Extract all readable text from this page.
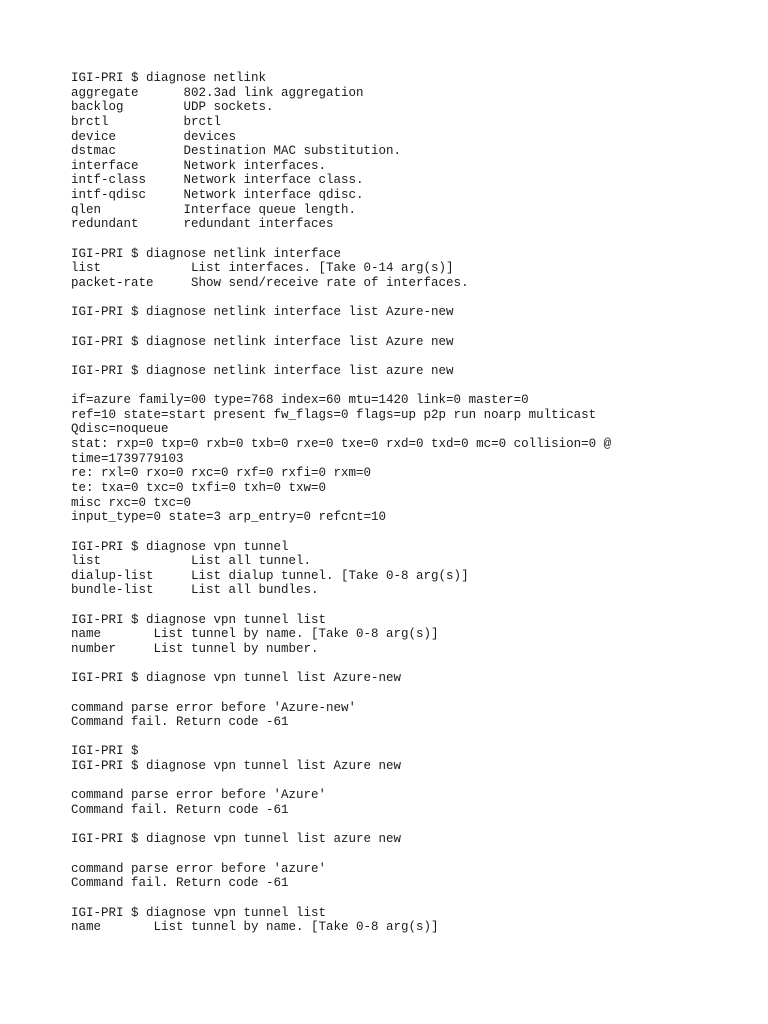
IGI-PRI $ diagnose netlink
aggregate      802.3ad link aggregation
backlog        UDP sockets.
brctl          brctl
device         devices
dstmac         Destination MAC substitution.
interface      Network interfaces.
intf-class     Network interface class.
intf-qdisc     Network interface qdisc.
qlen           Interface queue length.
redundant      redundant interfaces
IGI-PRI $ diagnose netlink interface
list            List interfaces. [Take 0-14 arg(s)]
packet-rate     Show send/receive rate of interfaces.
IGI-PRI $ diagnose netlink interface list Azure-new
IGI-PRI $ diagnose netlink interface list Azure new
IGI-PRI $ diagnose netlink interface list azure new
if=azure family=00 type=768 index=60 mtu=1420 link=0 master=0
ref=10 state=start present fw_flags=0 flags=up p2p run noarp multicast
Qdisc=noqueue
stat: rxp=0 txp=0 rxb=0 txb=0 rxe=0 txe=0 rxd=0 txd=0 mc=0 collision=0 @
time=1739779103
re: rxl=0 rxo=0 rxc=0 rxf=0 rxfi=0 rxm=0
te: txa=0 txc=0 txfi=0 txh=0 txw=0
misc rxc=0 txc=0
input_type=0 state=3 arp_entry=0 refcnt=10
IGI-PRI $ diagnose vpn tunnel
list            List all tunnel.
dialup-list     List dialup tunnel. [Take 0-8 arg(s)]
bundle-list     List all bundles.
IGI-PRI $ diagnose vpn tunnel list
name       List tunnel by name. [Take 0-8 arg(s)]
number     List tunnel by number.
IGI-PRI $ diagnose vpn tunnel list Azure-new
command parse error before 'Azure-new'
Command fail. Return code -61
IGI-PRI $
IGI-PRI $ diagnose vpn tunnel list Azure new
command parse error before 'Azure'
Command fail. Return code -61
IGI-PRI $ diagnose vpn tunnel list azure new
command parse error before 'azure'
Command fail. Return code -61
IGI-PRI $ diagnose vpn tunnel list
name       List tunnel by name. [Take 0-8 arg(s)]
